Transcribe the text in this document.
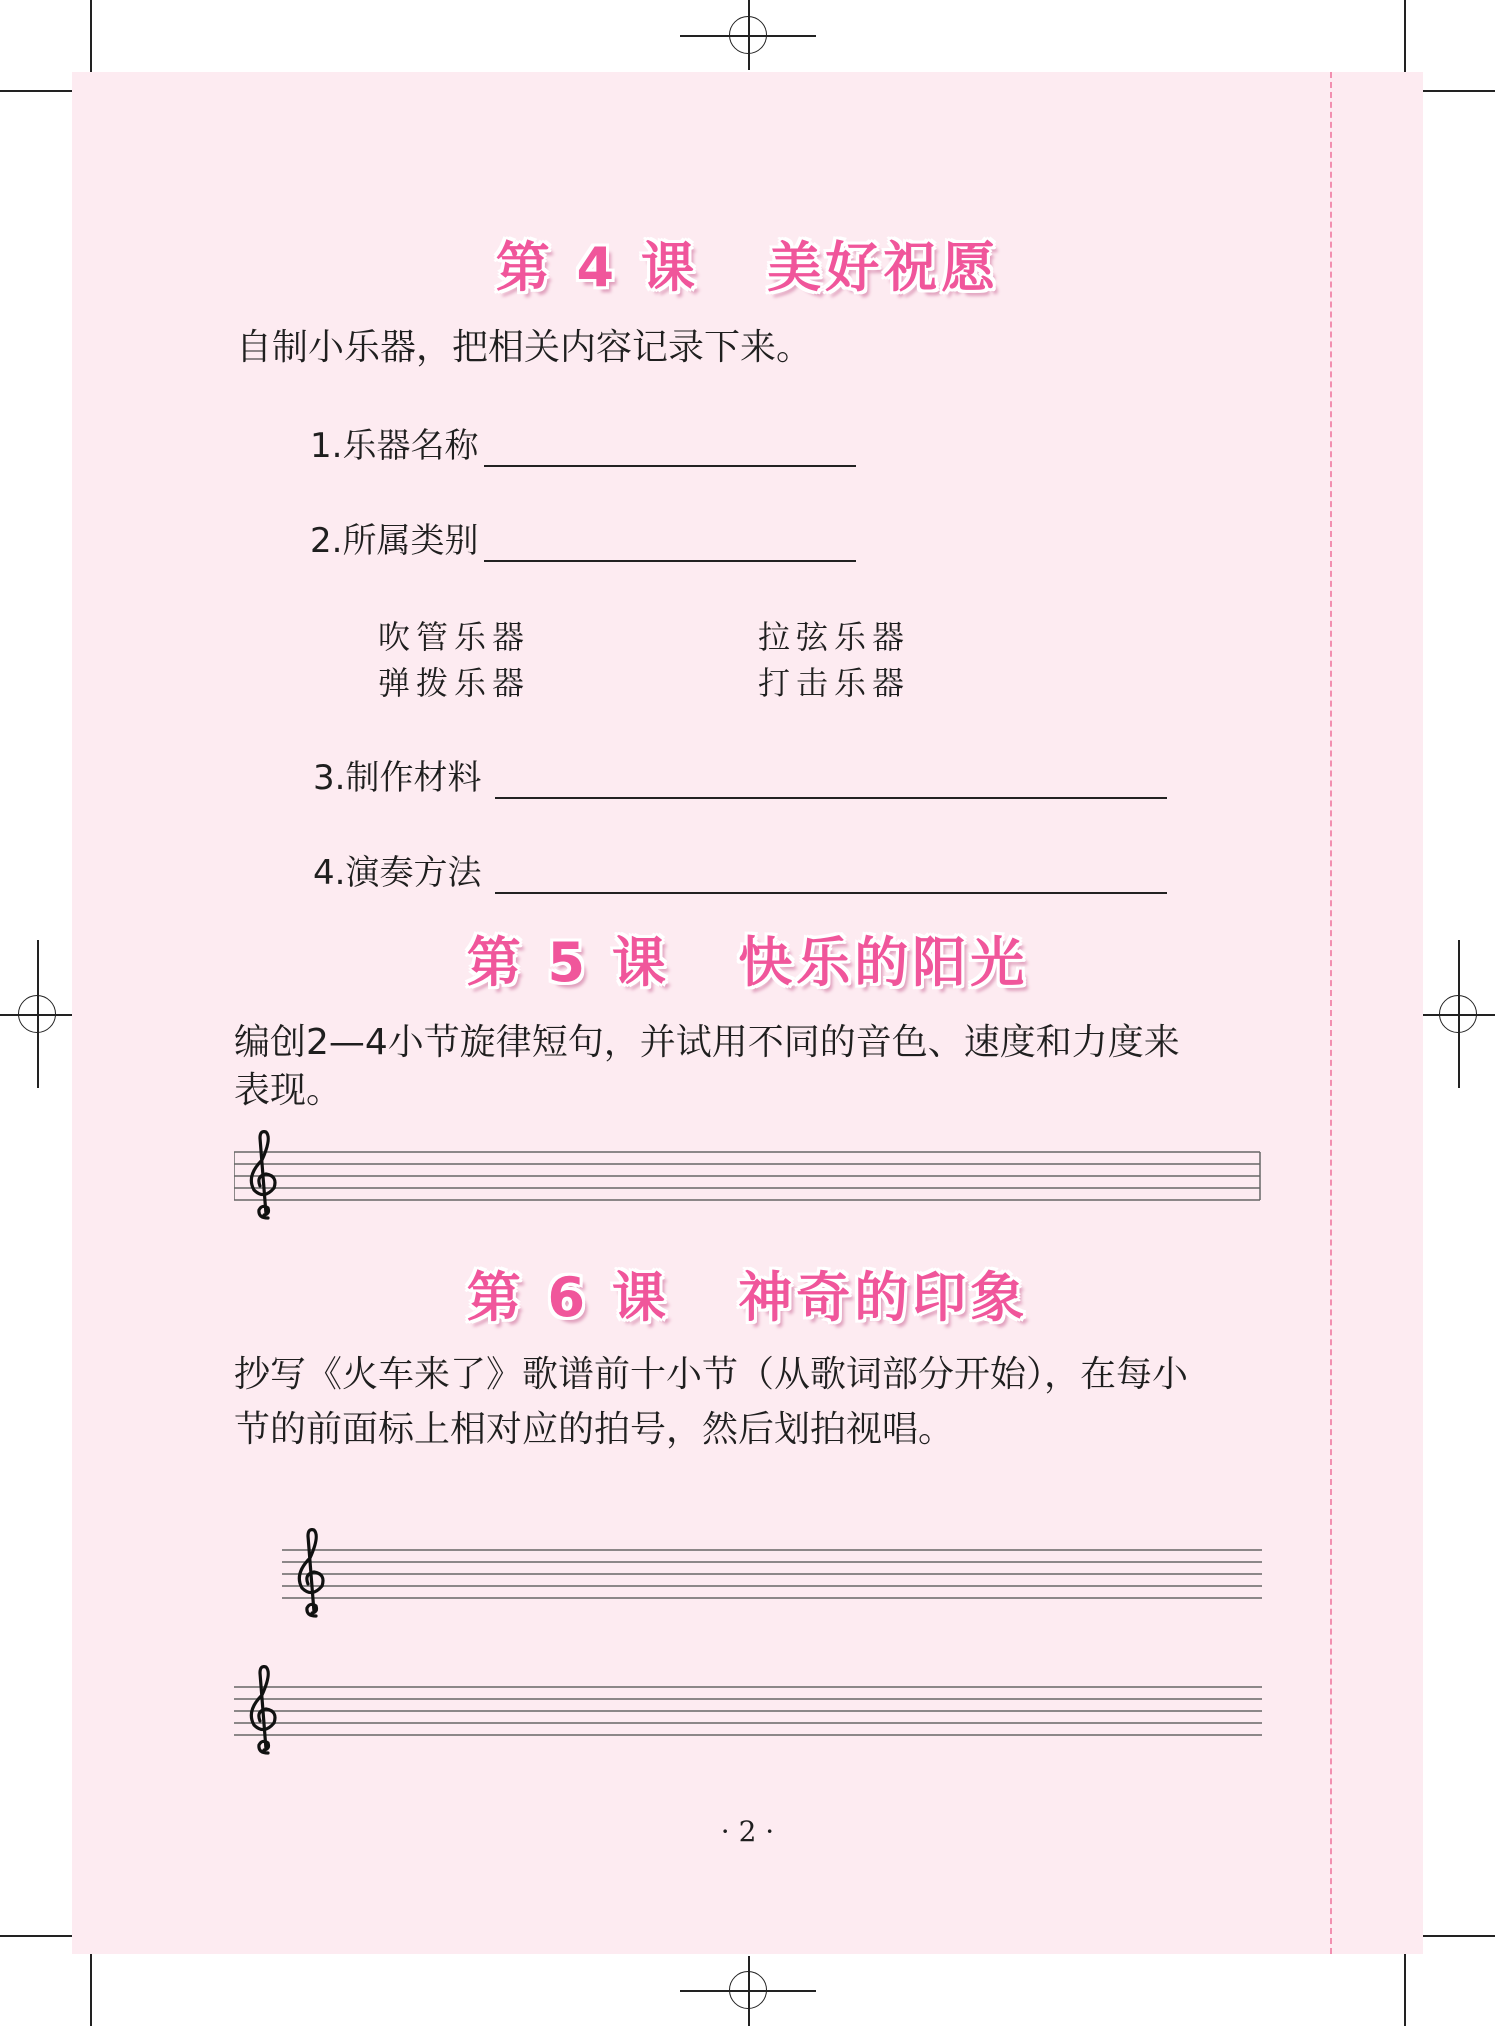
第 4 课   美好祝愿
自制小乐器，把相关内容记录下来。
1.乐器名称
2.所属类别
吹管乐器	拉弦乐器
弹拨乐器	打击乐器
3.制作材料
4.演奏方法
第 5 课   快乐的阳光
编创2—4小节旋律短句，并试用不同的音色、速度和力度来
表现。
第 6 课   神奇的印象
抄写《火车来了》歌谱前十小节（从歌词部分开始），在每小
节的前面标上相对应的拍号，然后划拍视唱。
· 2 ·
